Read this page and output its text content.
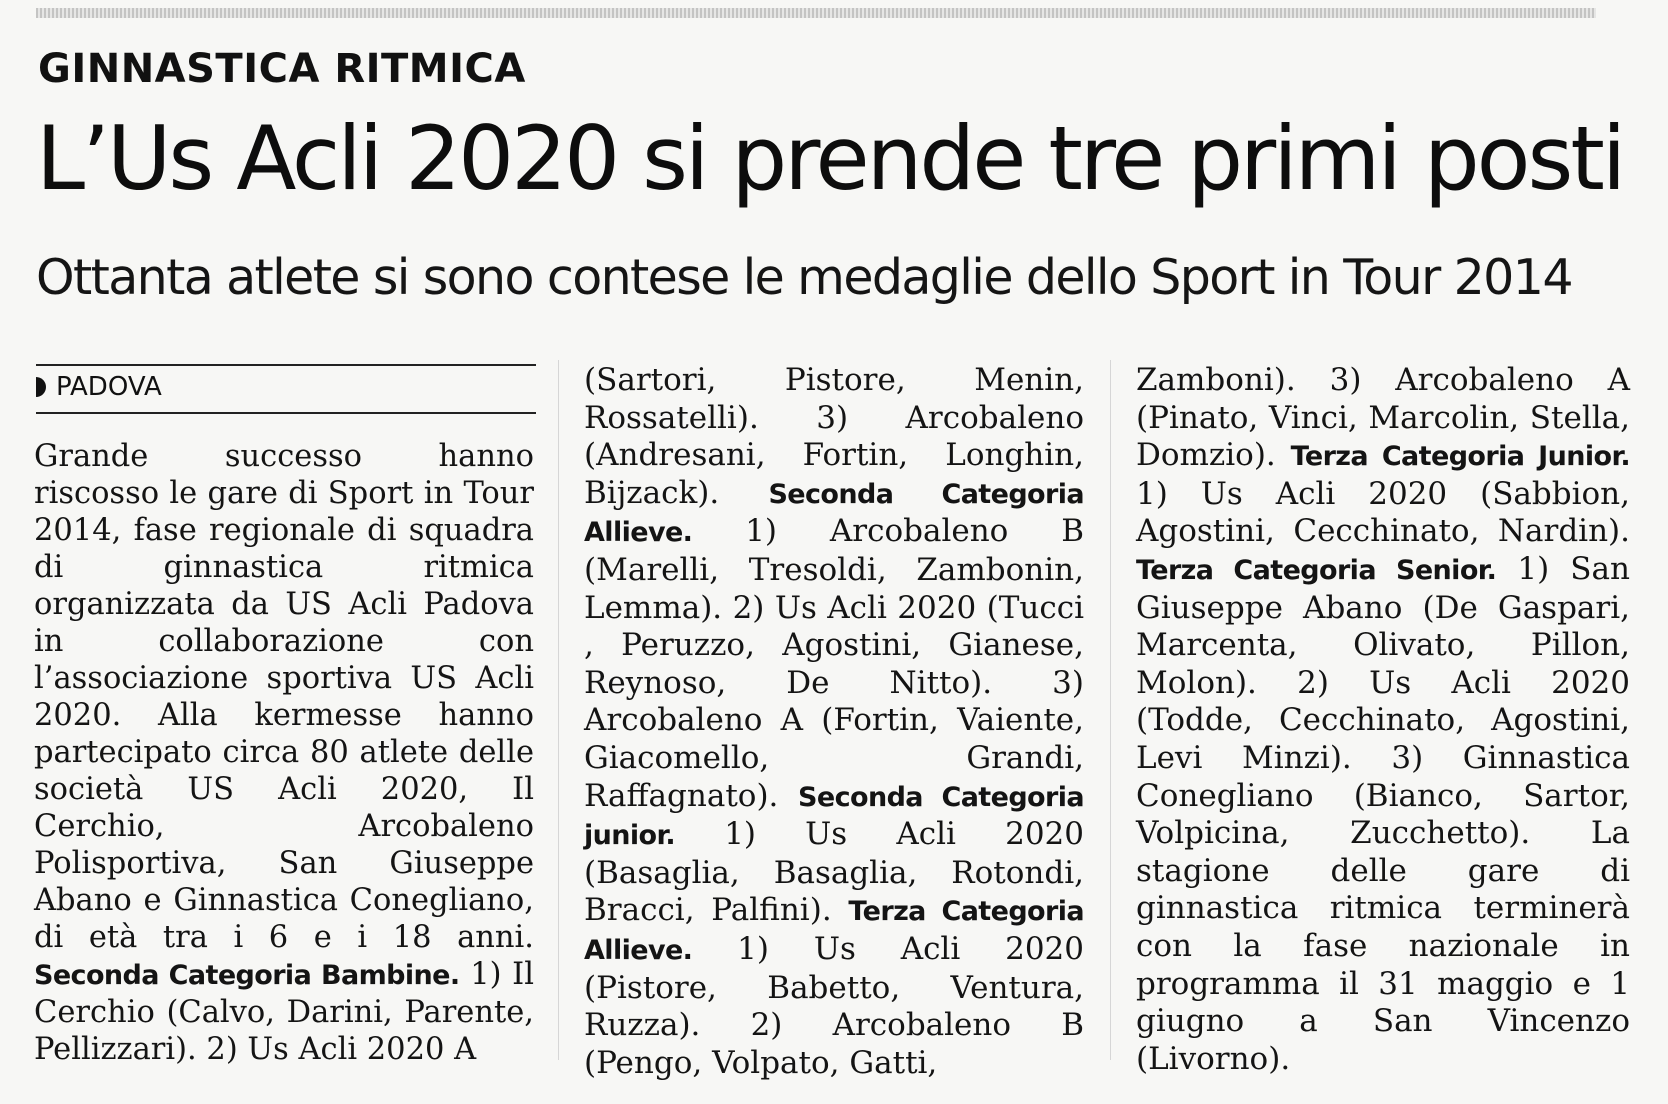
GINNASTICA RITMICA
L’Us Acli 2020 si prende tre primi posti
Ottanta atlete si sono contese le medaglie dello Sport in Tour 2014
PADOVA

Grande successo hanno riscosso le gare di Sport in Tour 2014, fase regionale di squadra di ginnastica ritmica organizzata da US Acli Padova in collaborazione con l’associazione sportiva US Acli 2020. Alla kermesse hanno partecipato circa 80 atlete delle società US Acli 2020, Il Cerchio, Arcobaleno Polisportiva, San Giuseppe Abano e Ginnastica Conegliano, di età tra i 6 e i 18 anni. Seconda Categoria Bambine. 1) Il Cerchio (Calvo, Darini, Parente, Pellizzari). 2) Us Acli 2020 A

(Sartori, Pistore, Menin, Rossatelli). 3) Arcobaleno (Andresani, Fortin, Longhin, Bijzack). Seconda Categoria Allieve. 1) Arcobaleno B (Marelli, Tresoldi, Zambonin, Lemma). 2) Us Acli 2020 (Tucci , Peruzzo, Agostini, Gianese, Reynoso, De Nitto). 3) Arcobaleno A (Fortin, Vaiente, Giacomello, Grandi, Raffagnato). Seconda Categoria junior. 1) Us Acli 2020 (Basaglia, Basaglia, Rotondi, Bracci, Palfini). Terza Categoria Allieve. 1) Us Acli 2020 (Pistore, Babetto, Ventura, Ruzza). 2) Arcobaleno B (Pengo, Volpato, Gatti,

Zamboni). 3) Arcobaleno A (Pinato, Vinci, Marcolin, Stella, Domzio). Terza Categoria Junior. 1) Us Acli 2020 (Sabbion, Agostini, Cecchinato, Nardin). Terza Categoria Senior. 1) San Giuseppe Abano (De Gaspari, Marcenta, Olivato, Pillon, Molon). 2) Us Acli 2020 (Todde, Cecchinato, Agostini, Levi Minzi). 3) Ginnastica Conegliano (Bianco, Sartor, Volpicina, Zucchetto). La stagione delle gare di ginnastica ritmica terminerà con la fase nazionale in programma il 31 maggio e 1 giugno a San Vincenzo (Livorno).
